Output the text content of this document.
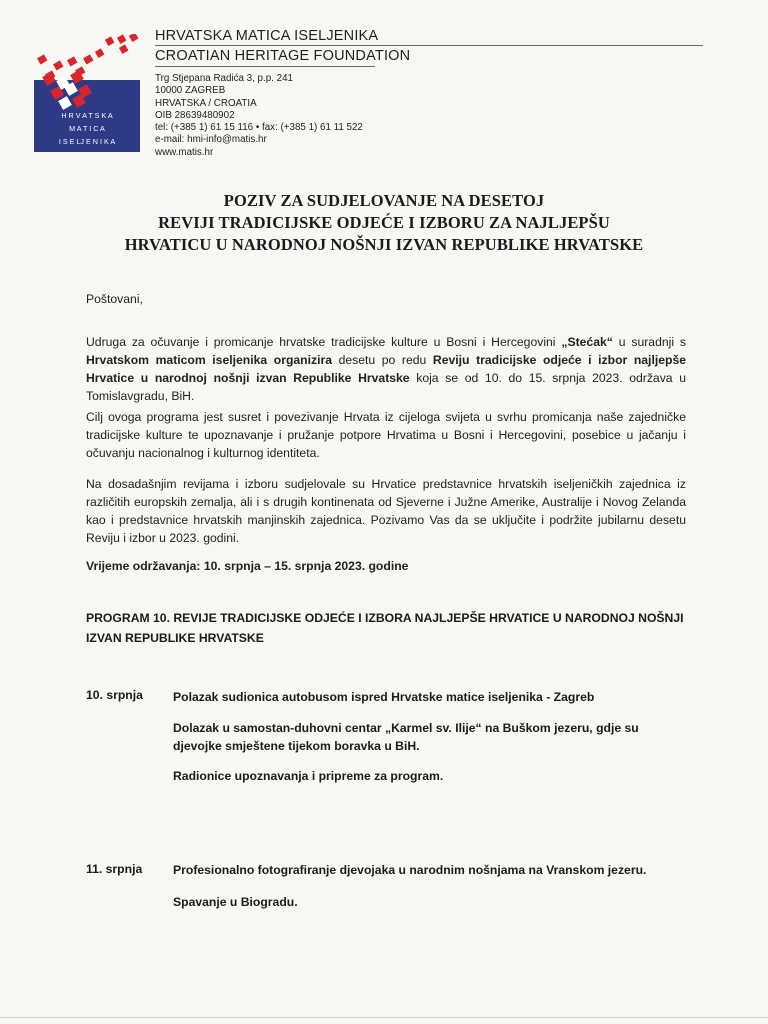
H R V A T S K A
M A T I C A
I S E LJ E N I K A
HRVATSKA MATICA ISELJENIKA
CROATIAN HERITAGE FOUNDATION
Trg Stjepana Radića 3, p.p. 241
10000 ZAGREB
HRVATSKA / CROATIA
OIB 28639480902
tel: (+385 1) 61 15 116 • fax: (+385 1) 61 11 522
e-mail: hmi-info@matis.hr
www.matis.hr
POZIV ZA SUDJELOVANJE NA DESETOJ
REVIJI TRADICIJSKE ODJEĆE I IZBORU ZA NAJLJEPŠU
HRVATICU U NARODNOJ NOŠNJI IZVAN REPUBLIKE HRVATSKE
Poštovani,
Udruga za očuvanje i promicanje hrvatske tradicijske kulture u Bosni i Hercegovini „Stećak“ u suradnji s Hrvatskom maticom iseljenika organizira desetu po redu Reviju tradicijske odjeće i izbor najljepše Hrvatice u narodnoj nošnji izvan Republike Hrvatske koja se od 10. do 15. srpnja 2023. održava u Tomislavgradu, BiH.
Cilj ovoga programa jest susret i povezivanje Hrvata iz cijeloga svijeta u svrhu promicanja naše zajedničke tradicijske kulture te upoznavanje i pružanje potpore Hrvatima u Bosni i Hercegovini, posebice u jačanju i očuvanju nacionalnog i kulturnog identiteta.
Na dosadašnjim revijama i izboru sudjelovale su Hrvatice predstavnice hrvatskih iseljeničkih zajednica iz različitih europskih zemalja, ali i s drugih kontinenata od Sjeverne i Južne Amerike, Australije i Novog Zelanda kao i predstavnice hrvatskih manjinskih zajednica. Pozivamo Vas da se uključite i podržite jubilarnu desetu Reviju i izbor u 2023. godini.
Vrijeme održavanja: 10. srpnja – 15. srpnja 2023. godine
PROGRAM 10. REVIJE TRADICIJSKE ODJEĆE I IZBORA NAJLJEPŠE HRVATICE U NARODNOJ NOŠNJI
IZVAN REPUBLIKE HRVATSKE
10. srpnja Polazak sudionica autobusom ispred Hrvatske matice iseljenika - Zagreb
Dolazak u samostan-duhovni centar „Karmel sv. Ilije“ na Buškom jezeru, gdje su djevojke smještene tijekom boravka u BiH.
Radionice upoznavanja i pripreme za program.
11. srpnja	Profesionalno fotografiranje djevojaka u narodnim nošnjama na Vranskom jezeru.
Spavanje u Biogradu.
